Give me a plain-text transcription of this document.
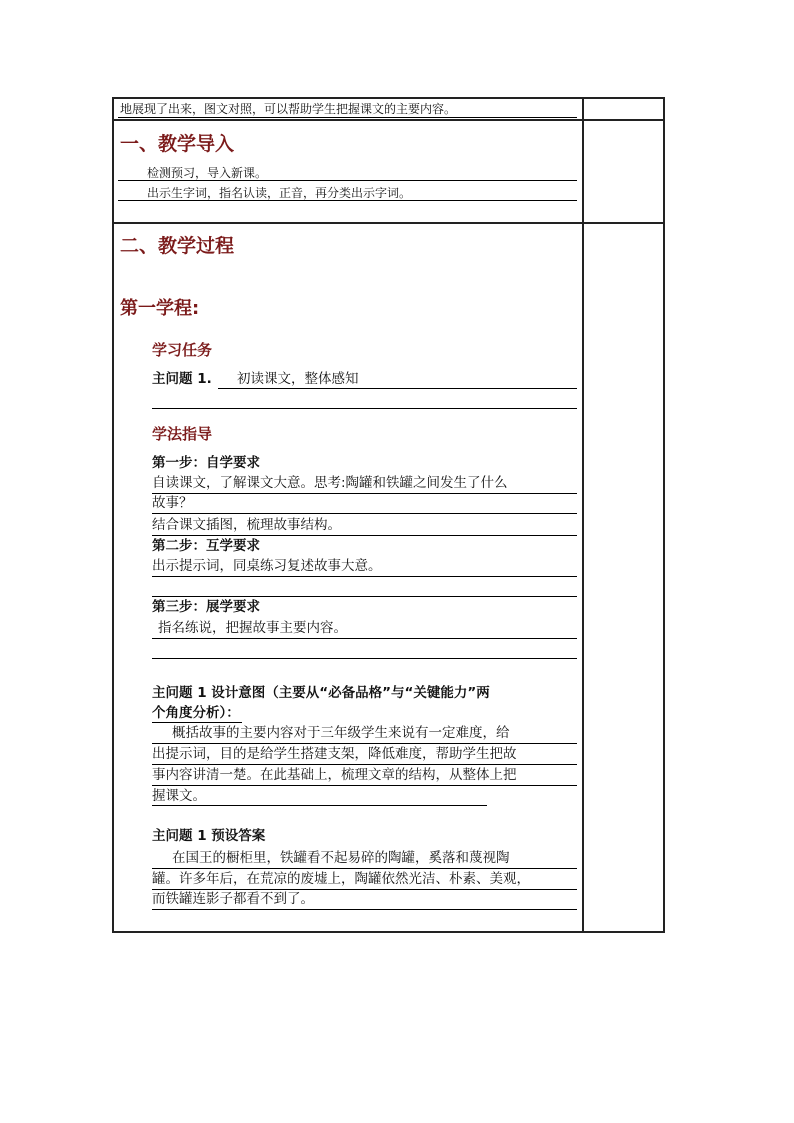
地展现了出来，图文对照，可以帮助学生把握课文的主要内容。
一、教学导入
检测预习，导入新课。
出示生字词，指名认读，正音，再分类出示字词。
二、教学过程
第一学程:
学习任务
主问题 1. 初读课文，整体感知
学法指导
第一步：自学要求
自读课文，了解课文大意。思考:陶罐和铁罐之间发生了什么
故事？
结合课文插图，梳理故事结构。
第二步：互学要求
出示提示词，同桌练习复述故事大意。
第三步：展学要求
指名练说，把握故事主要内容。
主问题 1 设计意图（主要从“必备品格”与“关键能力”两
个角度分析）：
概括故事的主要内容对于三年级学生来说有一定难度，给
出提示词，目的是给学生搭建支架，降低难度，帮助学生把故
事内容讲清一楚。在此基础上，梳理文章的结构，从整体上把
握课文。
主问题 1 预设答案
在国王的橱柜里，铁罐看不起易碎的陶罐，奚落和蔑视陶
罐。许多年后，在荒凉的废墟上，陶罐依然光洁、朴素、美观，
而铁罐连影子都看不到了。
